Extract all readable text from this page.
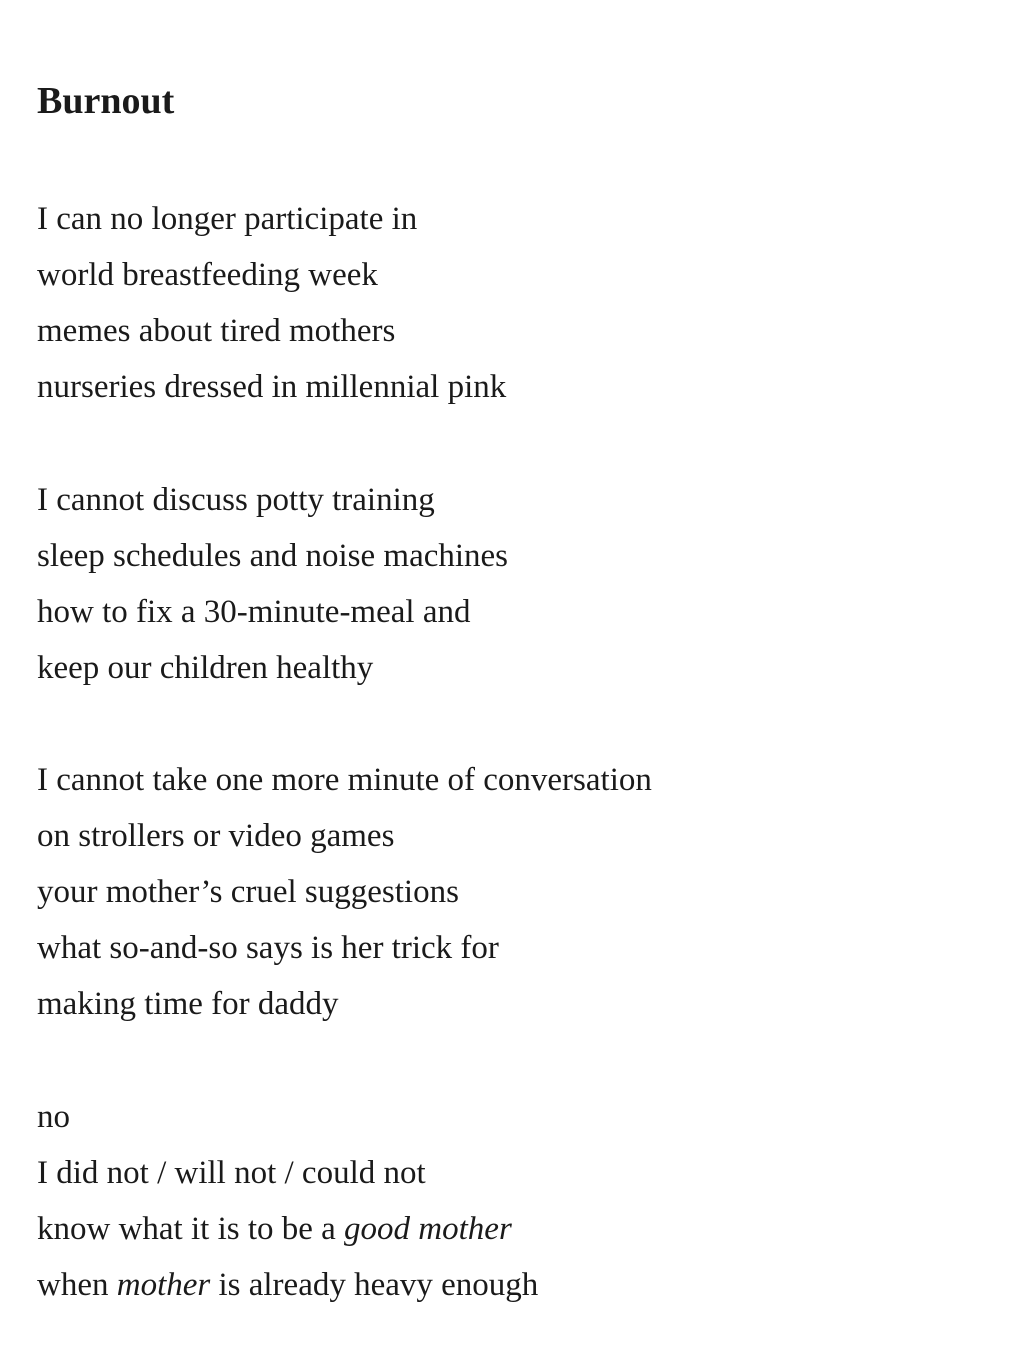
Burnout
I can no longer participate in
world breastfeeding week
memes about tired mothers
nurseries dressed in millennial pink
I cannot discuss potty training
sleep schedules and noise machines
how to fix a 30-minute-meal and
keep our children healthy
I cannot take one more minute of conversation
on strollers or video games
your mother’s cruel suggestions
what so-and-so says is her trick for
making time for daddy
no
I did not / will not / could not
know what it is to be a good mother
when mother is already heavy enough
